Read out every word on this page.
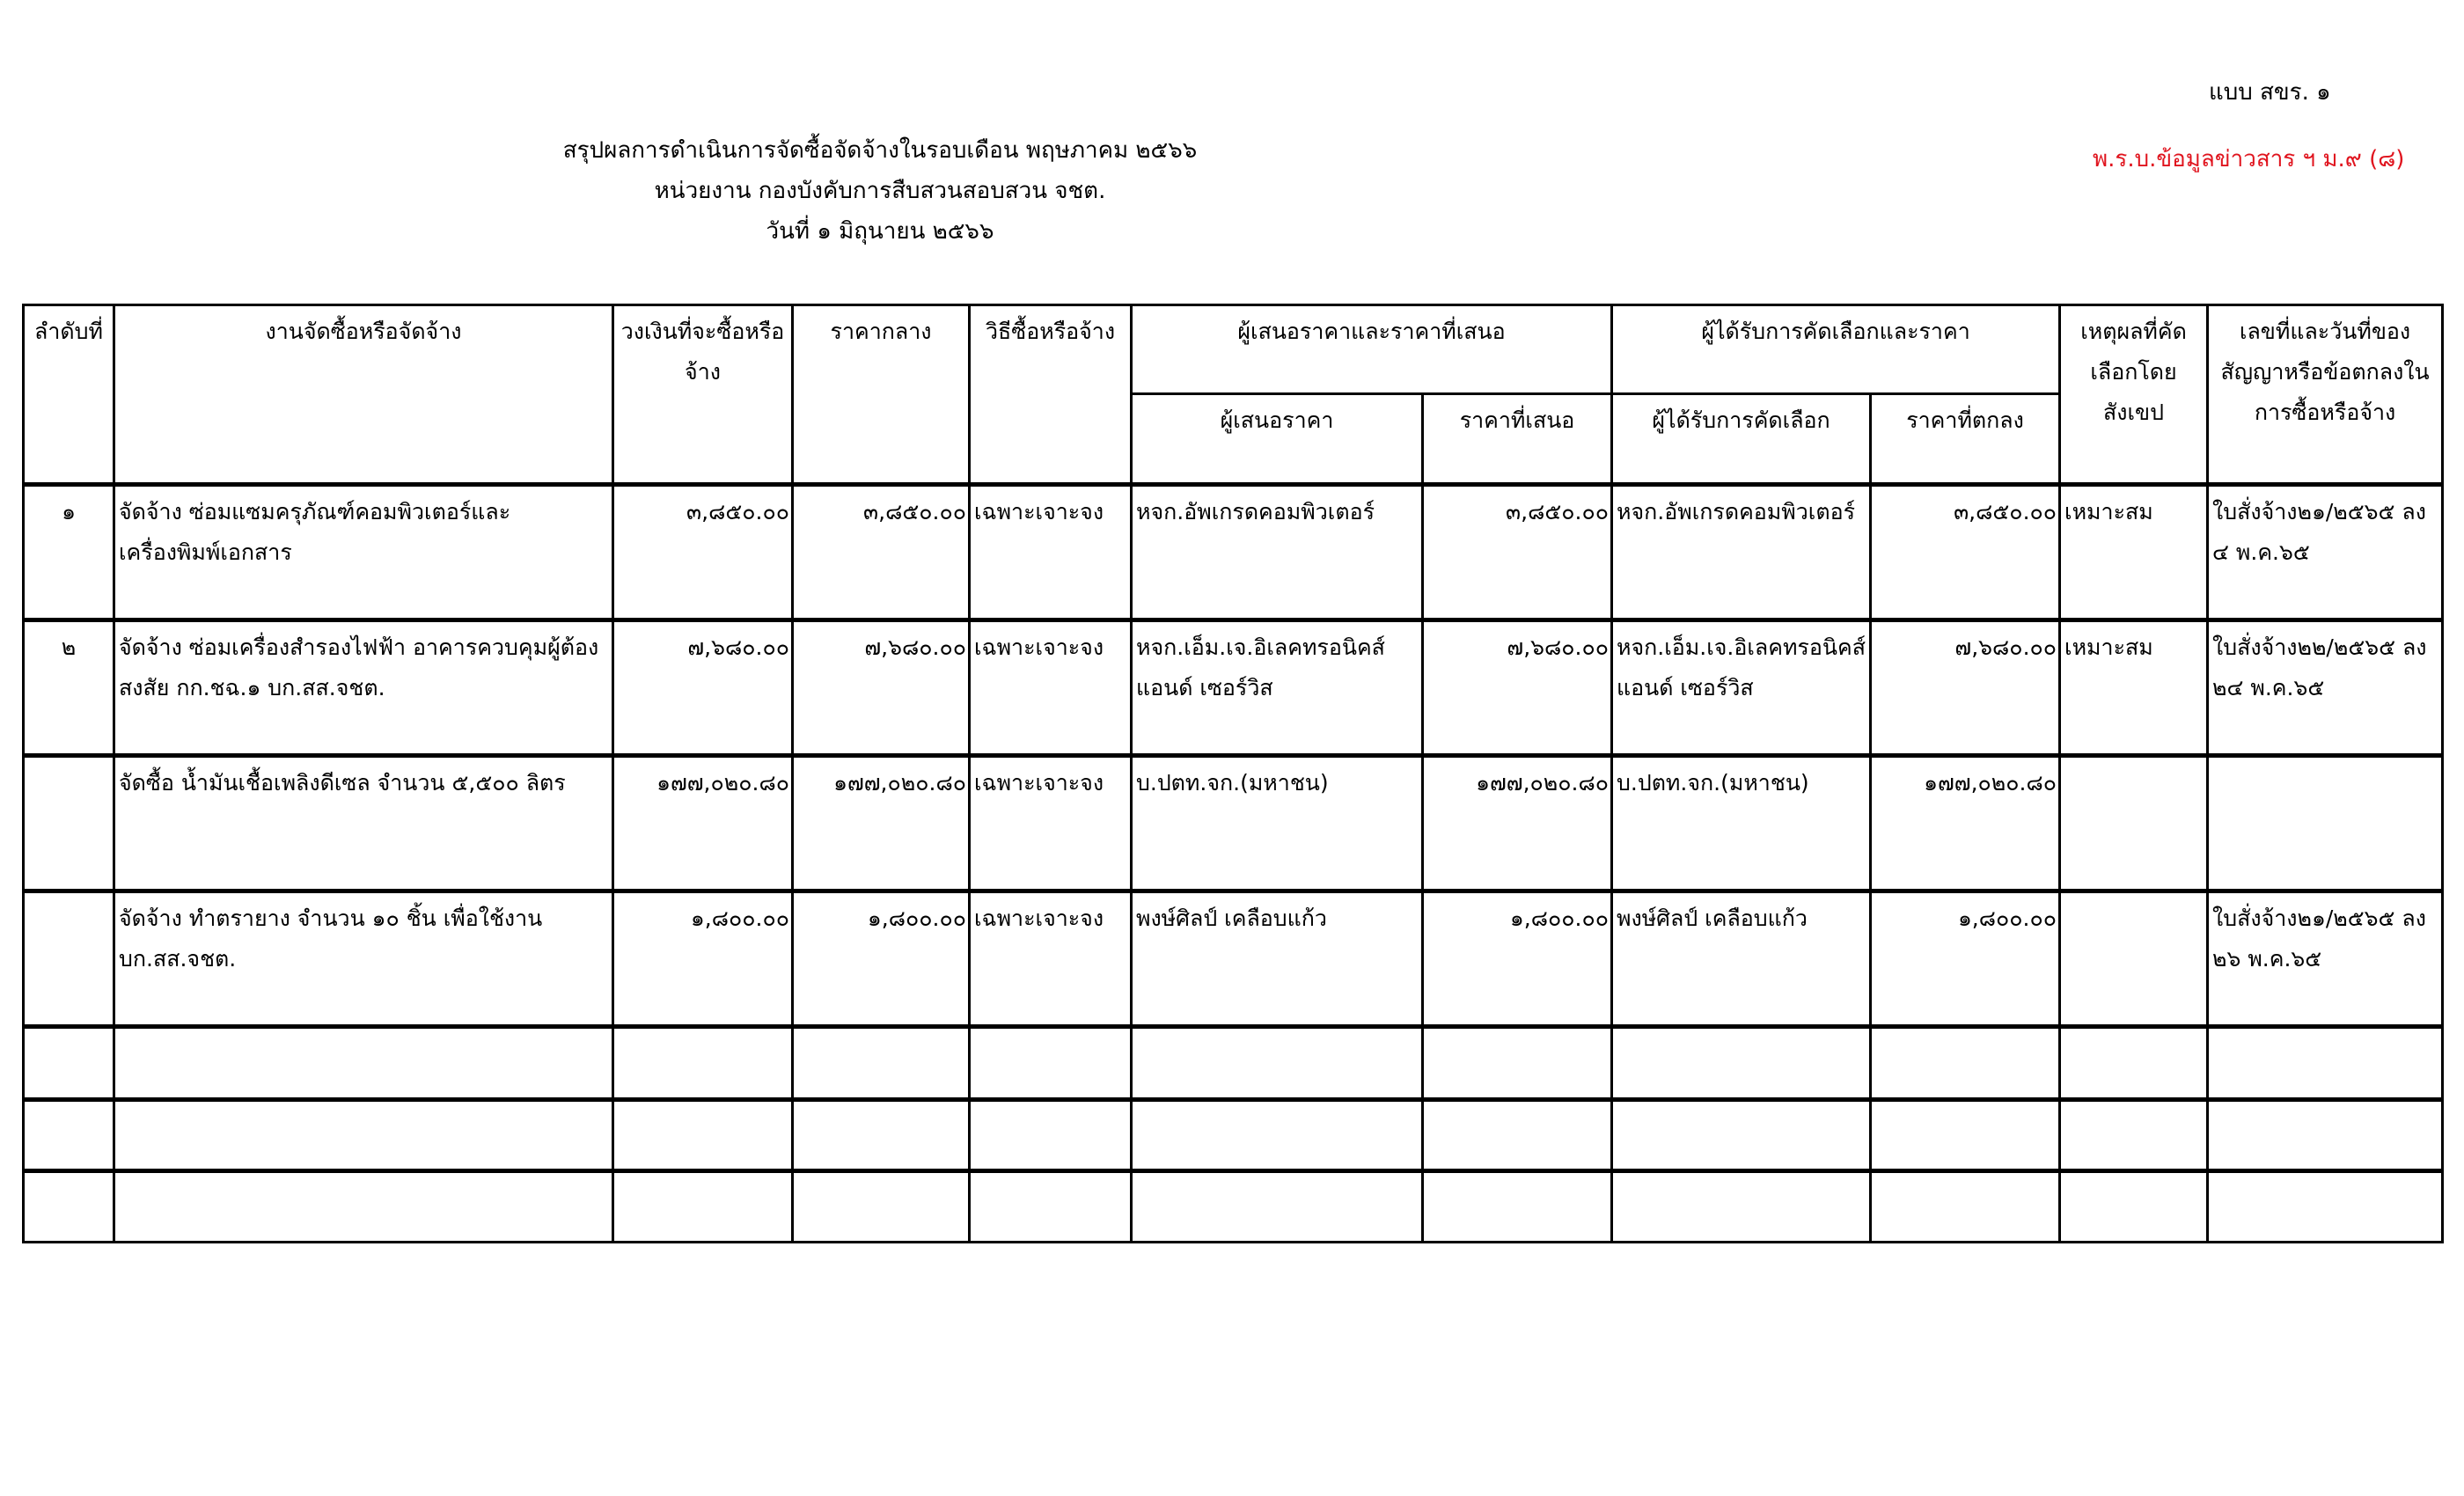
แบบ สขร. ๑
พ.ร.บ.ข้อมูลข่าวสาร ฯ ม.๙ (๘)
สรุปผลการดำเนินการจัดซื้อจัดจ้างในรอบเดือน พฤษภาคม ๒๕๖๖
หน่วยงาน กองบังคับการสืบสวนสอบสวน จชต.
วันที่ ๑ มิถุนายน ๒๕๖๖
ลำดับที่	งานจัดซื้อหรือจัดจ้าง	วงเงินที่จะซื้อหรือจ้าง	ราคากลาง	วิธีซื้อหรือจ้าง	ผู้เสนอราคาและราคาที่เสนอ		ผู้ได้รับการคัดเลือกและราคา		เหตุผลที่คัดเลือกโดยสังเขป	เลขที่และวันที่ของสัญญาหรือข้อตกลงในการซื้อหรือจ้าง
					ผู้เสนอราคา	ราคาที่เสนอ	ผู้ได้รับการคัดเลือก	ราคาที่ตกลง		
๑	จัดจ้าง ซ่อมแซมครุภัณฑ์คอมพิวเตอร์และเครื่องพิมพ์เอกสาร	๓,๘๕๐.๐๐	๓,๘๕๐.๐๐	เฉพาะเจาะจง	หจก.อัพเกรดคอมพิวเตอร์	๓,๘๕๐.๐๐	หจก.อัพเกรดคอมพิวเตอร์	๓,๘๕๐.๐๐	เหมาะสม	ใบสั่งจ้าง๒๑/๒๕๖๕ ลง ๔ พ.ค.๖๕
๒	จัดจ้าง ซ่อมเครื่องสำรองไฟฟ้า อาคารควบคุมผู้ต้องสงสัย กก.ชฉ.๑ บก.สส.จชต.	๗,๖๘๐.๐๐	๗,๖๘๐.๐๐	เฉพาะเจาะจง	หจก.เอ็ม.เจ.อิเลคทรอนิคส์ แอนด์ เซอร์วิส	๗,๖๘๐.๐๐	หจก.เอ็ม.เจ.อิเลคทรอนิคส์ แอนด์ เซอร์วิส	๗,๖๘๐.๐๐	เหมาะสม	ใบสั่งจ้าง๒๒/๒๕๖๕ ลง ๒๔ พ.ค.๖๕
	จัดซื้อ น้ำมันเชื้อเพลิงดีเซล จำนวน ๕,๕๐๐ ลิตร	๑๗๗,๐๒๐.๘๐	๑๗๗,๐๒๐.๘๐	เฉพาะเจาะจง	บ.ปตท.จก.(มหาชน)	๑๗๗,๐๒๐.๘๐	บ.ปตท.จก.(มหาชน)	๑๗๗,๐๒๐.๘๐		
	จัดจ้าง ทำตรายาง จำนวน ๑๐ ชิ้น เพื่อใช้งาน บก.สส.จชต.	๑,๘๐๐.๐๐	๑,๘๐๐.๐๐	เฉพาะเจาะจง	พงษ์ศิลป์ เคลือบแก้ว	๑,๘๐๐.๐๐	พงษ์ศิลป์ เคลือบแก้ว	๑,๘๐๐.๐๐		ใบสั่งจ้าง๒๑/๒๕๖๕ ลง ๒๖ พ.ค.๖๕
